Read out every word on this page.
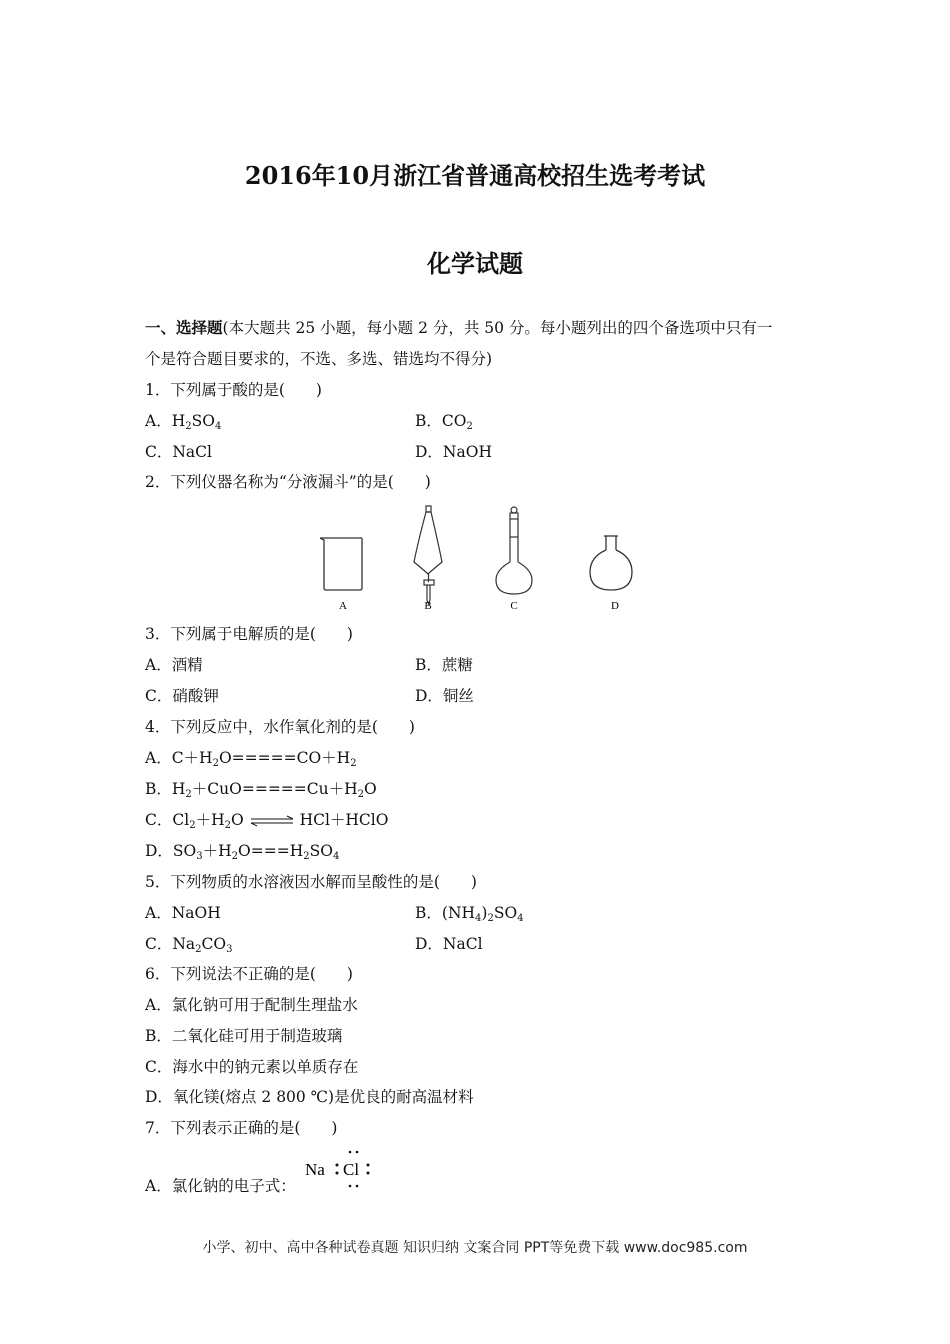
2016年10月浙江省普通高校招生选考考试
化学试题
一、选择题(本大题共 25 小题，每小题 2 分，共 50 分。每小题列出的四个备选项中只有一
个是符合题目要求的，不选、多选、错选均不得分)
1．下列属于酸的是(　　)
A．$H_2SO_4$	B．$CO_2$
C．NaCl	D．NaOH
2．下列仪器名称为“分液漏斗”的是(　　)
A	B	C	D
3．下列属于电解质的是(　　)
A．酒精	B．蔗糖
C．硝酸钾	D．铜丝
4．下列反应中，水作氧化剂的是(　　)
A．$C+H_2O=====CO+H_2$
B．$H_2+CuO=====Cu+H_2O$
C．$Cl_2+H_2O$ ⇌ HCl＋HClO
D．$SO_3+H_2O===H_2SO_4$
5．下列物质的水溶液因水解而呈酸性的是(　　)
A．NaOH	B．$(NH_4)_2SO_4$
C．$Na_2CO_3$	D．NaCl
6．下列说法不正确的是(　　)
A．氯化钠可用于配制生理盐水
B．二氧化硅可用于制造玻璃
C．海水中的钠元素以单质存在
D．氧化镁(熔点 2 800 ℃)是优良的耐高温材料
7．下列表示正确的是(　　)
A．氯化钠的电子式：
Na Cl
小学、初中、高中各种试卷真题 知识归纳 文案合同 PPT等免费下载 www.doc985.com
